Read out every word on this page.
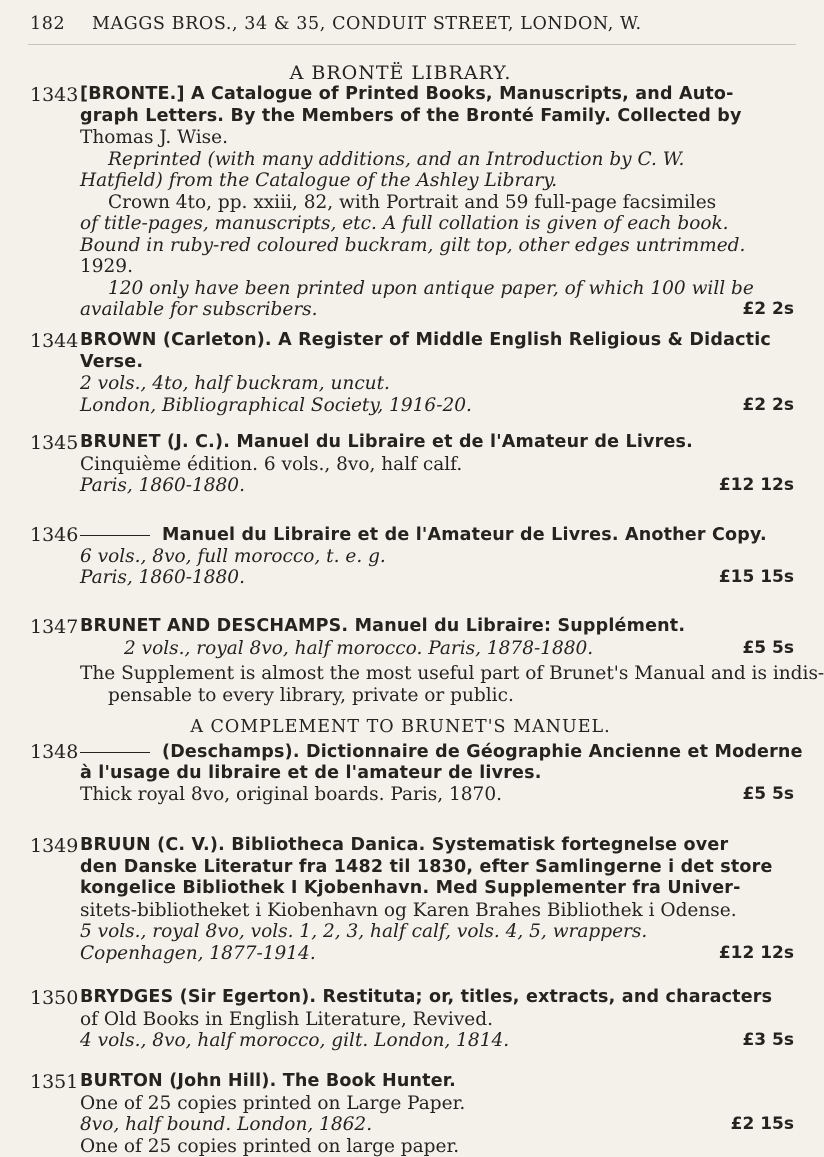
182 MAGGS BROS., 34 & 35, CONDUIT STREET, LONDON, W.
A BRONTË LIBRARY.
1343 [BRONTE.] A Catalogue of Printed Books, Manuscripts, and Auto-
graph Letters. By the Members of the Bronté Family. Collected by
Thomas J. Wise.
Reprinted (with many additions, and an Introduction by C. W.
Hatfield) from the Catalogue of the Ashley Library.
Crown 4to, pp. xxiii, 82, with Portrait and 59 full-page facsimiles
of title-pages, manuscripts, etc. A full collation is given of each book.
Bound in ruby-red coloured buckram, gilt top, other edges untrimmed.
1929.
120 only have been printed upon antique paper, of which 100 will be
available for subscribers.	£2 2s
1344 BROWN (Carleton). A Register of Middle English Religious & Didactic
Verse.
2 vols., 4to, half buckram, uncut.
London, Bibliographical Society, 1916-20.	£2 2s
1345 BRUNET (J. C.). Manuel du Libraire et de l'Amateur de Livres.
Cinquième édition. 6 vols., 8vo, half calf.
Paris, 1860-1880.	£12 12s
1346	Manuel du Libraire et de l'Amateur de Livres. Another Copy.
6 vols., 8vo, full morocco, t. e. g.
Paris, 1860-1880.	£15 15s
1347 BRUNET AND DESCHAMPS. Manuel du Libraire: Supplément.
2 vols., royal 8vo, half morocco. Paris, 1878-1880.	£5 5s
The Supplement is almost the most useful part of Brunet's Manual and is indis-
pensable to every library, private or public.
A COMPLEMENT TO BRUNET'S MANUEL.
1348	(Deschamps). Dictionnaire de Géographie Ancienne et Moderne
à l'usage du libraire et de l'amateur de livres.
Thick royal 8vo, original boards. Paris, 1870.	£5 5s
1349 BRUUN (C. V.). Bibliotheca Danica. Systematisk fortegnelse over
den Danske Literatur fra 1482 til 1830, efter Samlingerne i det store
kongelice Bibliothek I Kjobenhavn. Med Supplementer fra Univer-
sitets-bibliotheket i Kiobenhavn og Karen Brahes Bibliothek i Odense.
5 vols., royal 8vo, vols. 1, 2, 3, half calf, vols. 4, 5, wrappers.
Copenhagen, 1877-1914.	£12 12s
1350 BRYDGES (Sir Egerton). Restituta; or, titles, extracts, and characters
of Old Books in English Literature, Revived.
4 vols., 8vo, half morocco, gilt. London, 1814.	£3 5s
1351 BURTON (John Hill). The Book Hunter.
One of 25 copies printed on Large Paper.
8vo, half bound. London, 1862.	£2 15s
One of 25 copies printed on large paper.
